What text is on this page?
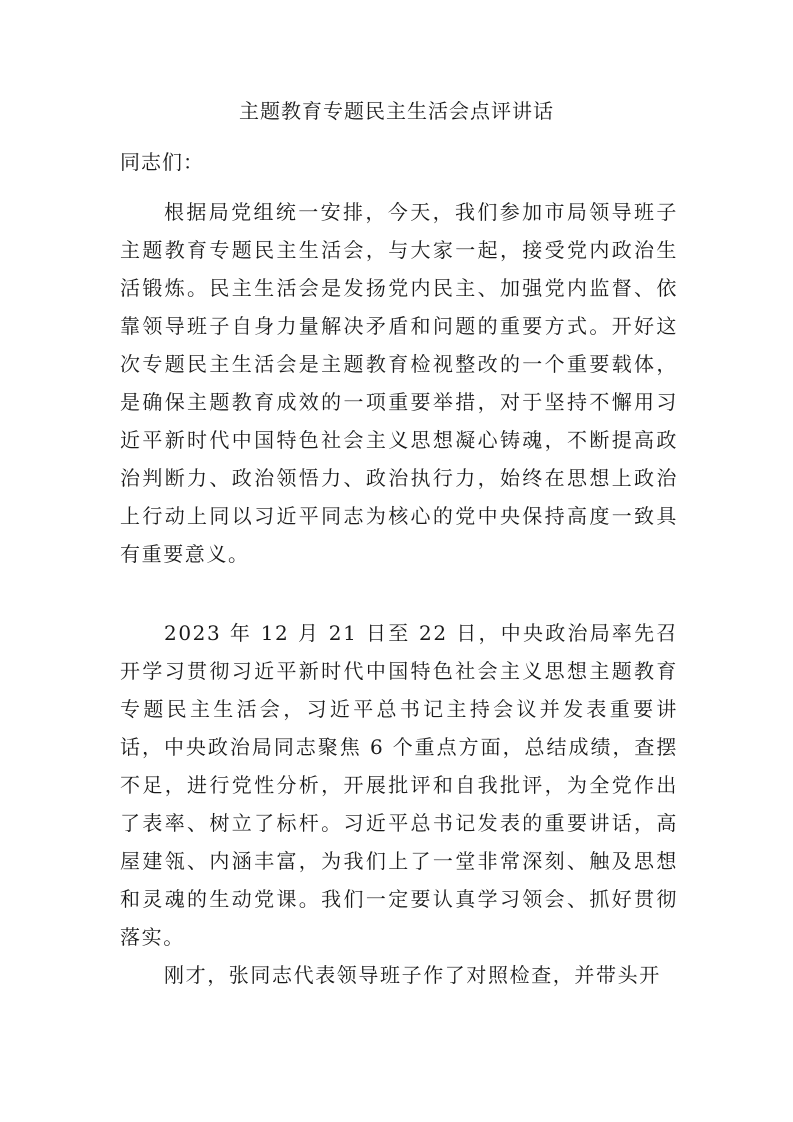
主题教育专题民主生活会点评讲话

同志们：

根据局党组统一安排，今天，我们参加市局领导班子主题教育专题民主生活会，与大家一起，接受党内政治生活锻炼。民主生活会是发扬党内民主、加强党内监督、依靠领导班子自身力量解决矛盾和问题的重要方式。开好这次专题民主生活会是主题教育检视整改的一个重要载体，是确保主题教育成效的一项重要举措，对于坚持不懈用习近平新时代中国特色社会主义思想凝心铸魂，不断提高政治判断力、政治领悟力、政治执行力，始终在思想上政治上行动上同以习近平同志为核心的党中央保持高度一致具有重要意义。

2023 年 12 月 21 日至 22 日，中央政治局率先召开学习贯彻习近平新时代中国特色社会主义思想主题教育专题民主生活会，习近平总书记主持会议并发表重要讲话，中央政治局同志聚焦 6 个重点方面，总结成绩，查摆不足，进行党性分析，开展批评和自我批评，为全党作出了表率、树立了标杆。习近平总书记发表的重要讲话，高屋建瓴、内涵丰富，为我们上了一堂非常深刻、触及思想和灵魂的生动党课。我们一定要认真学习领会、抓好贯彻落实。

刚才，张同志代表领导班子作了对照检查，并带头开
